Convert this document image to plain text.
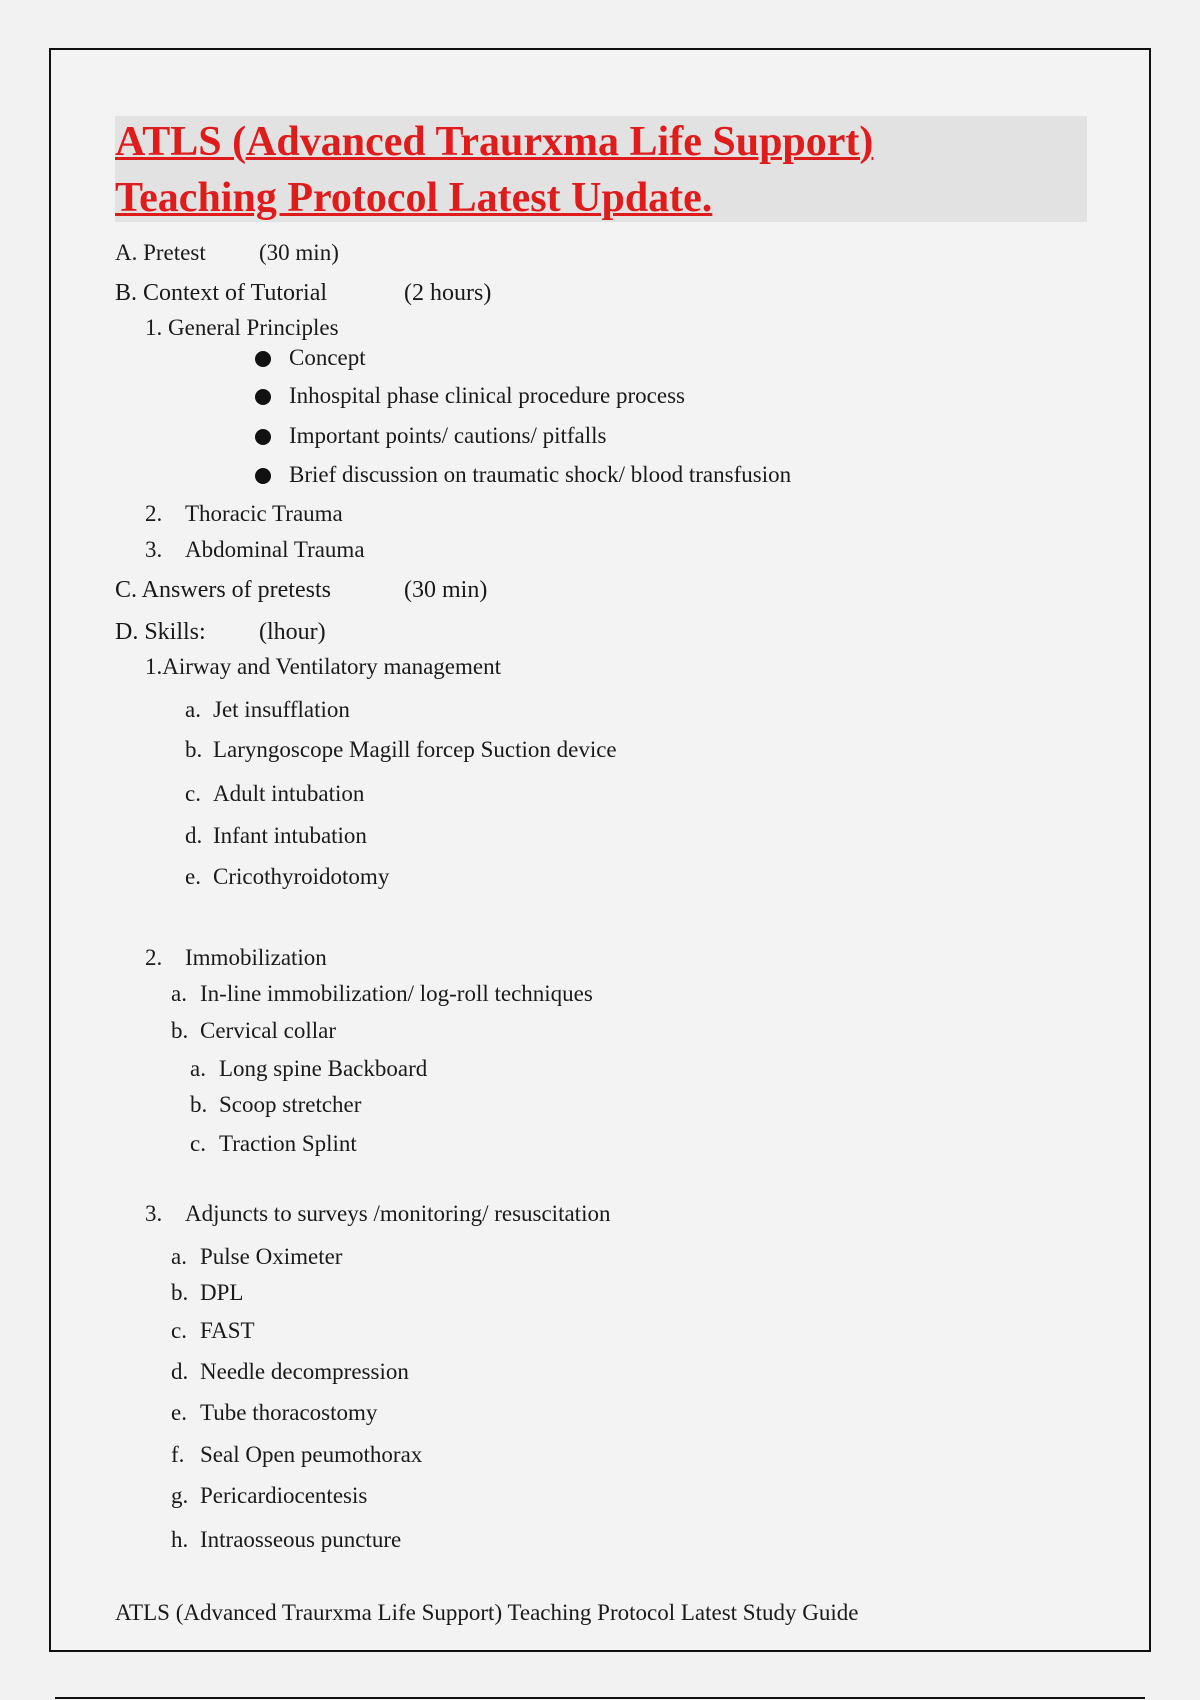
ATLS (Advanced Traurxma Life Support)
Teaching Protocol Latest Update.
A. Pretest (30 min)
B. Context of Tutorial	(2 hours)
1. General Principles
Concept
Inhospital phase clinical procedure process
Important points/ cautions/ pitfalls
Brief discussion on traumatic shock/ blood transfusion
2. Thoracic Trauma
3. Abdominal Trauma
C. Answers of pretests	(30 min)
D. Skills: (lhour)
1.Airway and Ventilatory management
a. Jet insufflation
b. Laryngoscope Magill forcep Suction device
c. Adult intubation
d. Infant intubation
e. Cricothyroidotomy
2. Immobilization
a. In-line immobilization/ log-roll techniques
b. Cervical collar
a. Long spine Backboard
b. Scoop stretcher
c. Traction Splint
3. Adjuncts to surveys /monitoring/ resuscitation
a. Pulse Oximeter
b. DPL
c. FAST
d. Needle decompression
e. Tube thoracostomy
f. Seal Open peumothorax
g. Pericardiocentesis
h. Intraosseous puncture
ATLS (Advanced Traurxma Life Support) Teaching Protocol Latest Study Guide
